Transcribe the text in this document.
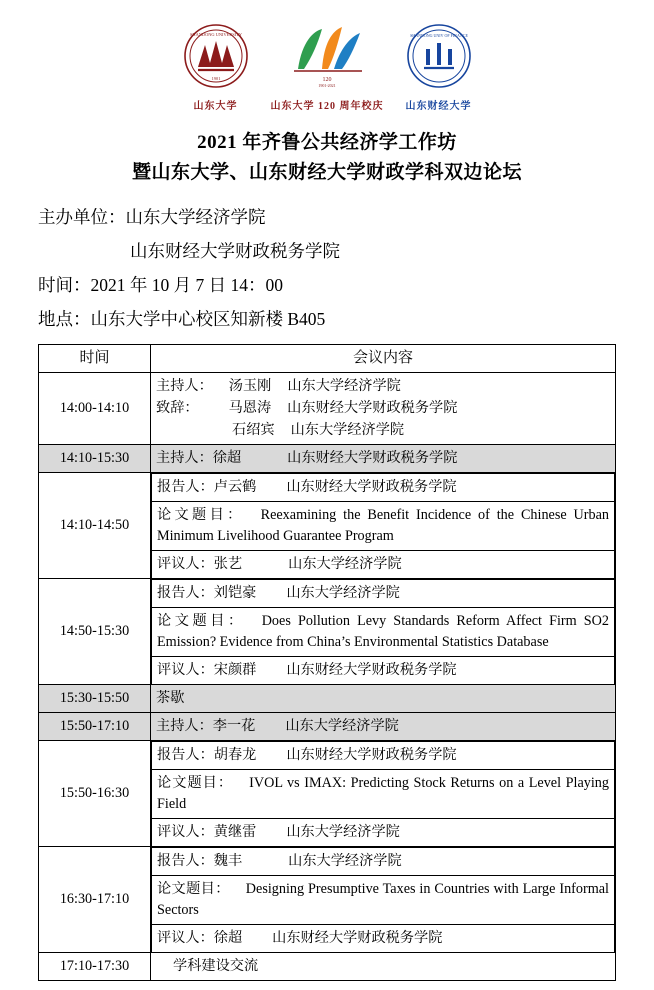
SHANDONG UNIVERSITY
1901
山东大学
120
1901-2021
山东大学 120 周年校庆
SHANDONG UNIV OF FINANCE
山东财经大学
2021 年齐鲁公共经济学工作坊
暨山东大学、山东财经大学财政学科双边论坛
主办单位：山东大学经济学院
山东财经大学财政税务学院
时间：2021 年 10 月 7 日 14：00
地点：山东大学中心校区知新楼 B405
时间	会议内容
14:00-14:10	
主持人： 汤玉刚 山东大学经济学院
致辞： 马恩涛 山东财经大学财政税务学院
石绍宾 山东大学经济学院

14:10-15:30	主持人：徐超	山东财经大学财政税务学院
14:10-14:50	
报告人：卢云鹤 山东财经大学财政税务学院
论文题目： Reexamining the Benefit Incidence of the Chinese Urban Minimum Livelihood Guarantee Program
评议人：张艺	山东大学经济学院

14:50-15:30	
报告人：刘铠豪 山东大学经济学院
论文题目： Does Pollution Levy Standards Reform Affect Firm SO2 Emission? Evidence from China’s Environmental Statistics Database
评议人：宋颜群 山东财经大学财政税务学院

15:30-15:50	茶歇
15:50-17:10	主持人：李一花 山东大学经济学院
15:50-16:30	
报告人：胡春龙 山东财经大学财政税务学院
论文题目： IVOL vs IMAX: Predicting Stock Returns on a Level Playing Field
评议人：黄继雷 山东大学经济学院

16:30-17:10	
报告人：魏丰	山东大学经济学院
论文题目： Designing Presumptive Taxes in Countries with Large Informal Sectors
评议人：徐超 山东财经大学财政税务学院

17:10-17:30	学科建设交流
